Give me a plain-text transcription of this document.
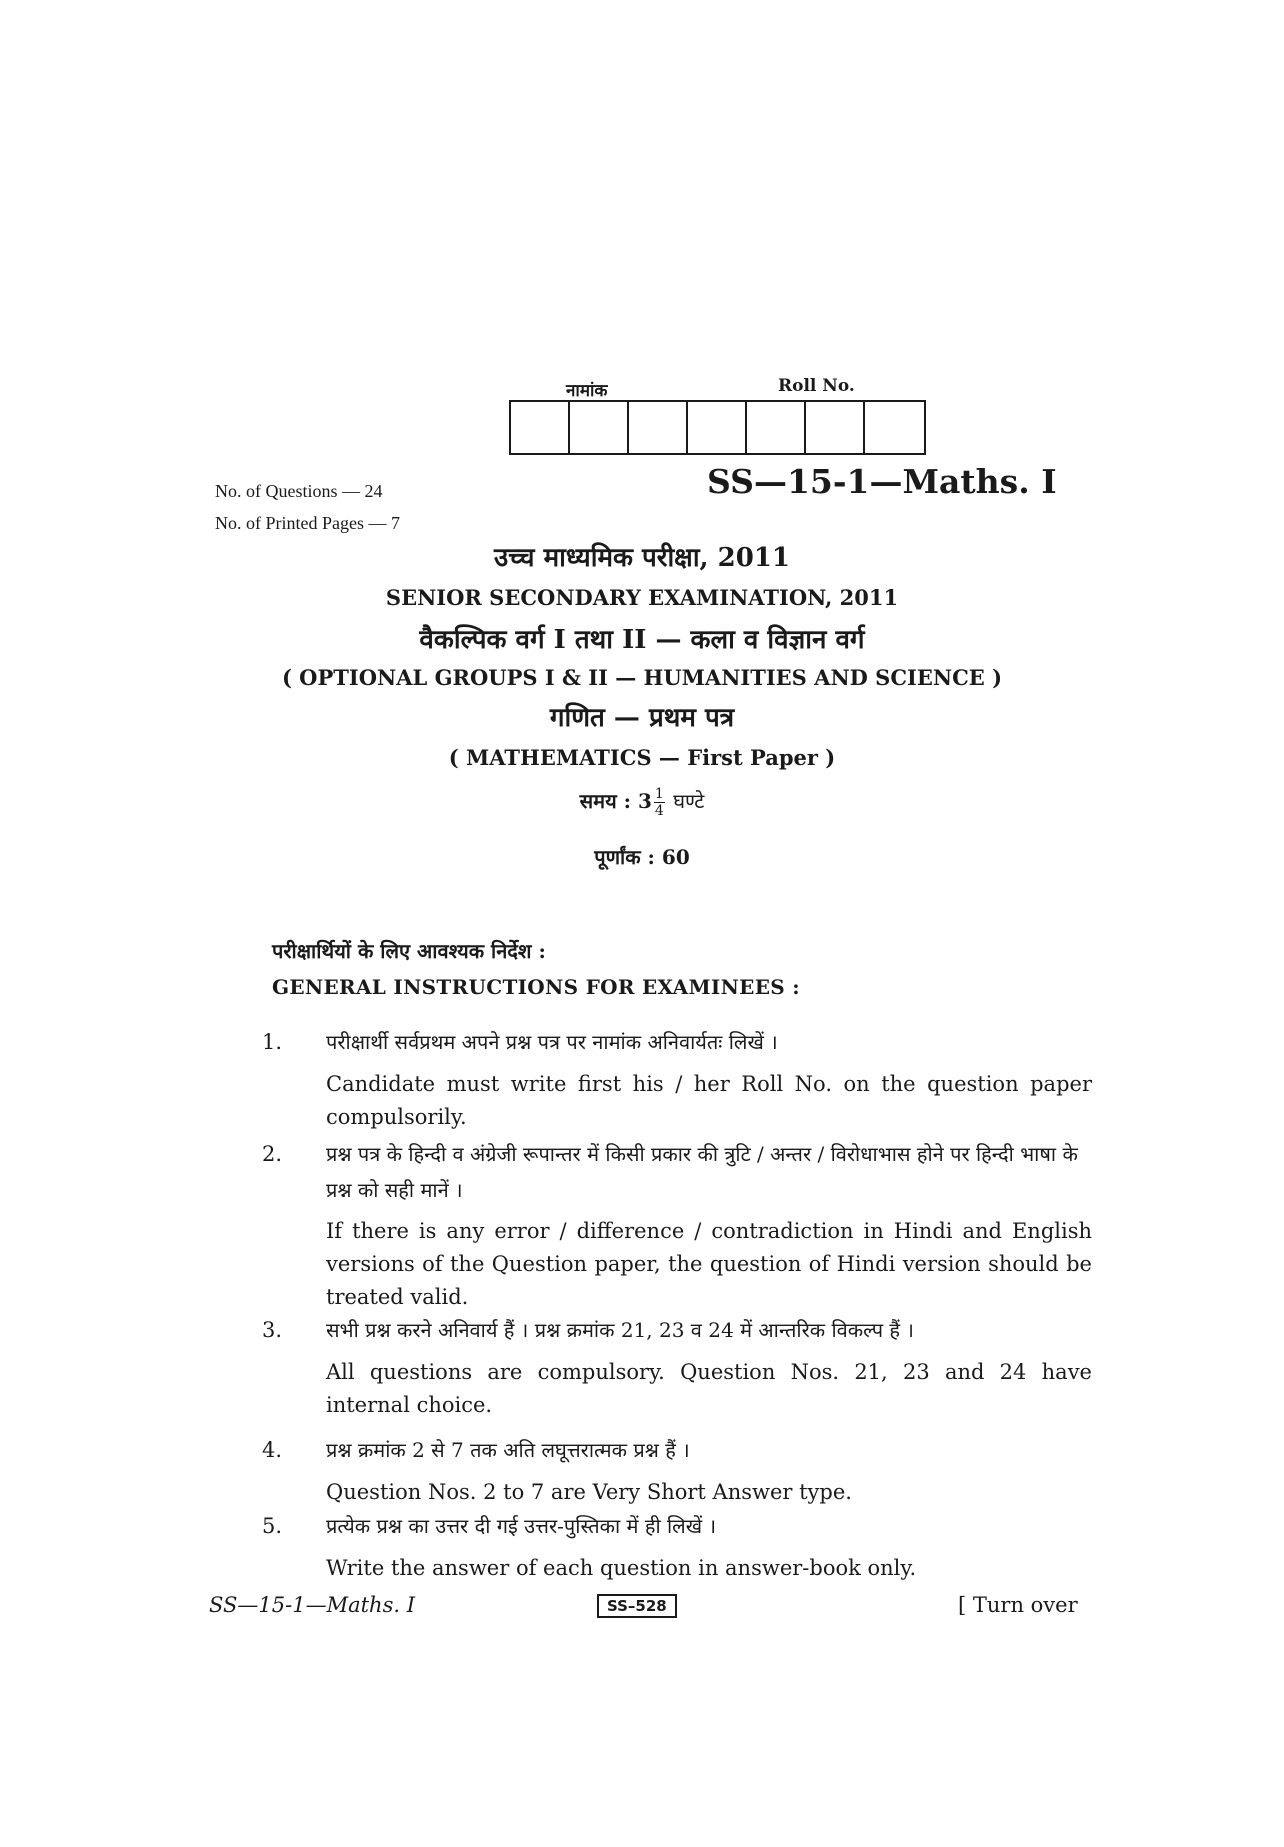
नामांक	Roll No.
No. of Questions — 24
No. of Printed Pages — 7
SS—15-1—Maths. I
उच्च माध्यमिक परीक्षा, 2011
SENIOR SECONDARY EXAMINATION, 2011
वैकल्पिक वर्ग I तथा II — कला व विज्ञान वर्ग
( OPTIONAL GROUPS I & II — HUMANITIES AND SCIENCE )
गणित — प्रथम पत्र
( MATHEMATICS — First Paper )
समय : $3 \frac{1}{4}$ घण्टे
पूर्णांक : 60
परीक्षार्थियों के लिए आवश्यक निर्देश :
GENERAL INSTRUCTIONS FOR EXAMINEES :
1. परीक्षार्थी सर्वप्रथम अपने प्रश्न पत्र पर नामांक अनिवार्यतः लिखें ।
Candidate must write first his / her Roll No. on the question paper compulsorily.
2. प्रश्न पत्र के हिन्दी व अंग्रेजी रूपान्तर में किसी प्रकार की त्रुटि / अन्तर / विरोधाभास होने पर हिन्दी भाषा के प्रश्न को सही मानें ।
If there is any error / difference / contradiction in Hindi and English versions of the Question paper, the question of Hindi version should be treated valid.
3. सभी प्रश्न करने अनिवार्य हैं । प्रश्न क्रमांक 21, 23 व 24 में आन्तरिक विकल्प हैं ।
All questions are compulsory. Question Nos. 21, 23 and 24 have internal choice.
4. प्रश्न क्रमांक 2 से 7 तक अति लघूत्तरात्मक प्रश्न हैं ।
Question Nos. 2 to 7 are Very Short Answer type.
5. प्रत्येक प्रश्न का उत्तर दी गई उत्तर-पुस्तिका में ही लिखें ।
Write the answer of each question in answer-book only.
SS—15-1—Maths. I	SS–528	[ Turn over
